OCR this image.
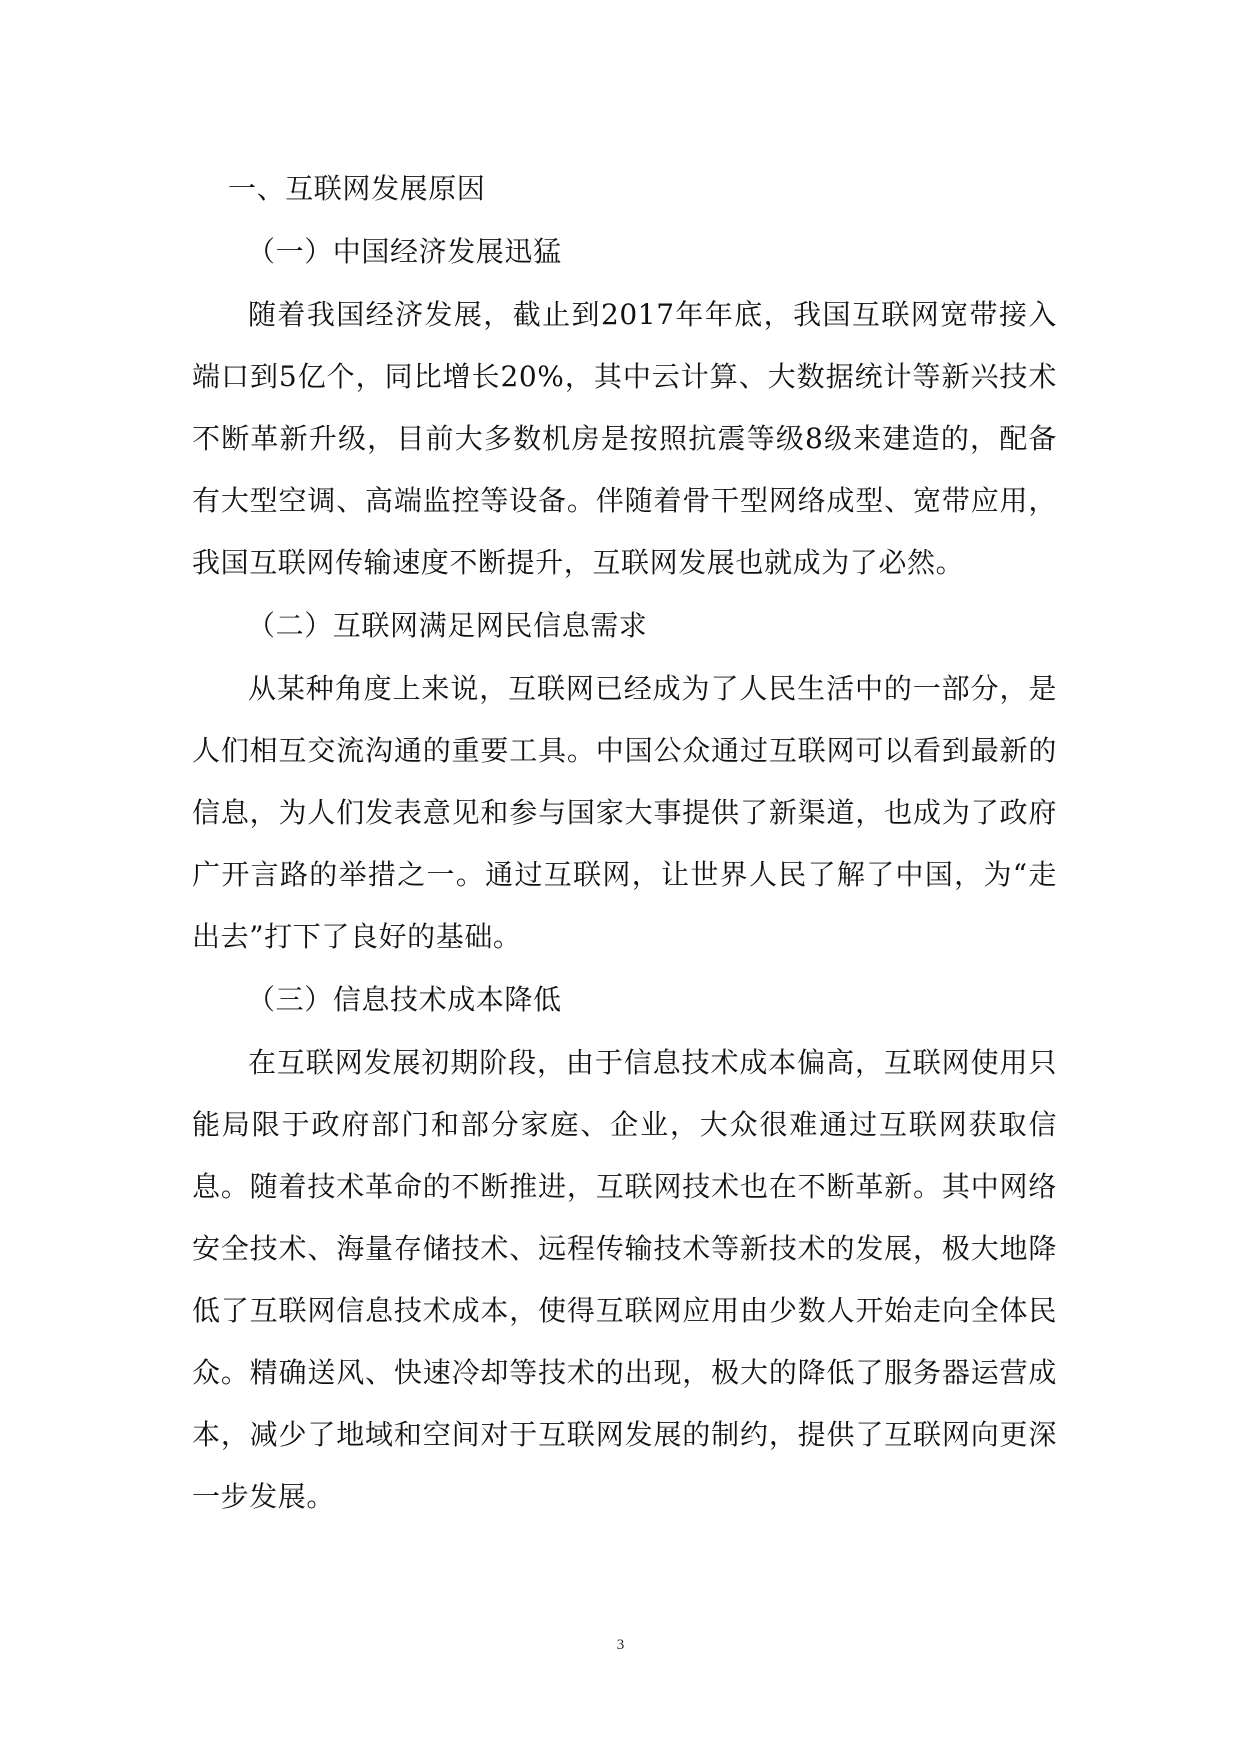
一、互联网发展原因

（一）中国经济发展迅猛

随着我国经济发展，截止到2017年年底，我国互联网宽带接入端口到5亿个，同比增长20%，其中云计算、大数据统计等新兴技术不断革新升级，目前大多数机房是按照抗震等级8级来建造的，配备有大型空调、高端监控等设备。伴随着骨干型网络成型、宽带应用，我国互联网传输速度不断提升，互联网发展也就成为了必然。

（二）互联网满足网民信息需求

从某种角度上来说，互联网已经成为了人民生活中的一部分，是人们相互交流沟通的重要工具。中国公众通过互联网可以看到最新的信息，为人们发表意见和参与国家大事提供了新渠道，也成为了政府广开言路的举措之一。通过互联网，让世界人民了解了中国，为“走出去”打下了良好的基础。

（三）信息技术成本降低

在互联网发展初期阶段，由于信息技术成本偏高，互联网使用只能局限于政府部门和部分家庭、企业，大众很难通过互联网获取信息。随着技术革命的不断推进，互联网技术也在不断革新。其中网络安全技术、海量存储技术、远程传输技术等新技术的发展，极大地降低了互联网信息技术成本，使得互联网应用由少数人开始走向全体民众。精确送风、快速冷却等技术的出现，极大的降低了服务器运营成本，减少了地域和空间对于互联网发展的制约，提供了互联网向更深一步发展。

3
